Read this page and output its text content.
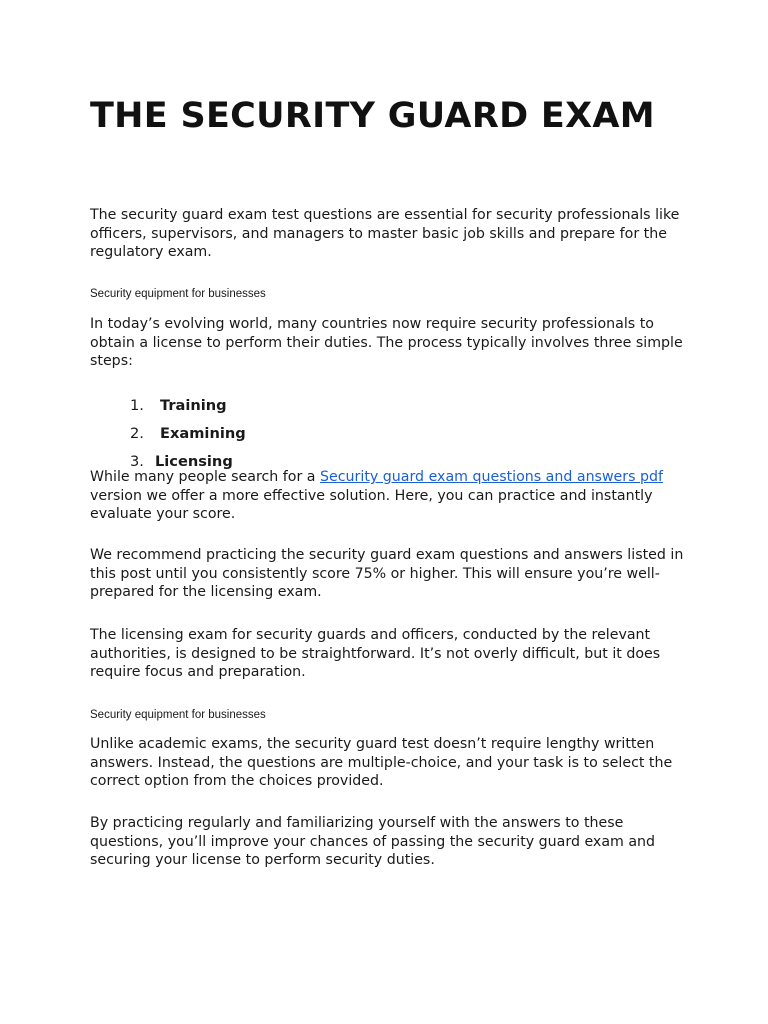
THE SECURITY GUARD EXAM

The security guard exam test questions are essential for security professionals like officers, supervisors, and managers to master basic job skills and prepare for the regulatory exam.

Security equipment for businesses

In today’s evolving world, many countries now require security professionals to obtain a license to perform their duties. The process typically involves three simple steps:

1.	Training
2.	Examining
3. Licensing

While many people search for a Security guard exam questions and answers pdf version we offer a more effective solution. Here, you can practice and instantly evaluate your score.

We recommend practicing the security guard exam questions and answers listed in this post until you consistently score 75% or higher. This will ensure you’re well-prepared for the licensing exam.

The licensing exam for security guards and officers, conducted by the relevant authorities, is designed to be straightforward. It’s not overly difficult, but it does require focus and preparation.

Security equipment for businesses

Unlike academic exams, the security guard test doesn’t require lengthy written answers. Instead, the questions are multiple-choice, and your task is to select the correct option from the choices provided.

By practicing regularly and familiarizing yourself with the answers to these questions, you’ll improve your chances of passing the security guard exam and securing your license to perform security duties.
